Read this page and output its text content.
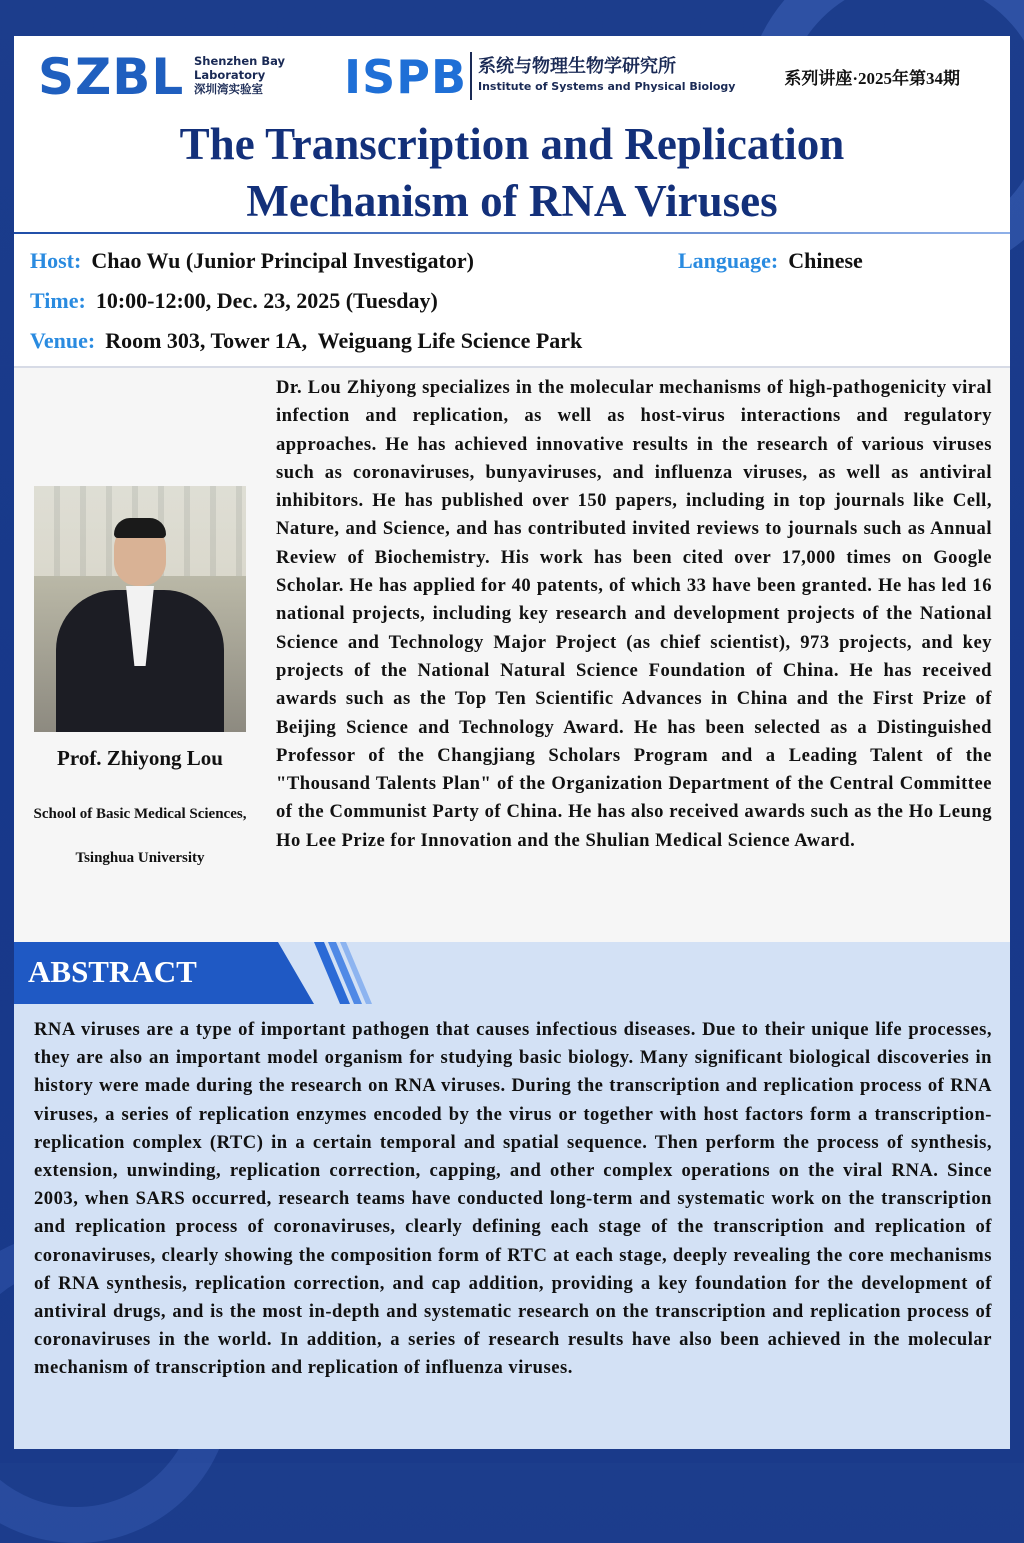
SZBL Shenzhen Bay
Laboratory
深圳湾实验室	ISPB 系统与物理生物学研究所
Institute of Systems and Physical Biology	系列讲座·2025年第34期
The Transcription and Replication
Mechanism of RNA Viruses
Host: Chao Wu (Junior Principal Investigator)	Language: Chinese
Time: 10:00-12:00, Dec. 23, 2025 (Tuesday)
Venue: Room 303, Tower 1A,  Weiguang Life Science Park
Prof. Zhiyong Lou
School of Basic Medical Sciences, Tsinghua University
Dr. Lou Zhiyong specializes in the molecular mechanisms of high-pathogenicity viral infection and replication, as well as host-virus interactions and regulatory approaches. He has achieved innovative results in the research of various viruses such as coronaviruses, bunyaviruses, and influenza viruses, as well as antiviral inhibitors. He has published over 150 papers, including in top journals like Cell, Nature, and Science, and has contributed invited reviews to journals such as Annual Review of Biochemistry. His work has been cited over 17,000 times on Google Scholar. He has applied for 40 patents, of which 33 have been granted. He has led 16 national projects, including key research and development projects of the National Science and Technology Major Project (as chief scientist), 973 projects, and key projects of the National Natural Science Foundation of China. He has received awards such as the Top Ten Scientific Advances in China and the First Prize of Beijing Science and Technology Award. He has been selected as a Distinguished Professor of the Changjiang Scholars Program and a Leading Talent of the "Thousand Talents Plan" of the Organization Department of the Central Committee of the Communist Party of China. He has also received awards such as the Ho Leung Ho Lee Prize for Innovation and the Shulian Medical Science Award.
ABSTRACT
RNA viruses are a type of important pathogen that causes infectious diseases. Due to their unique life processes, they are also an important model organism for studying basic biology. Many significant biological discoveries in history were made during the research on RNA viruses. During the transcription and replication process of RNA viruses, a series of replication enzymes encoded by the virus or together with host factors form a transcription-replication complex (RTC) in a certain temporal and spatial sequence. Then perform the process of synthesis, extension, unwinding, replication correction, capping, and other complex operations on the viral RNA. Since 2003, when SARS occurred, research teams have conducted long-term and systematic work on the transcription and replication process of coronaviruses, clearly defining each stage of the transcription and replication of coronaviruses, clearly showing the composition form of RTC at each stage, deeply revealing the core mechanisms of RNA synthesis, replication correction, and cap addition, providing a key foundation for the development of antiviral drugs, and is the most in-depth and systematic research on the transcription and replication process of coronaviruses in the world. In addition, a series of research results have also been achieved in the molecular mechanism of transcription and replication of influenza viruses.
